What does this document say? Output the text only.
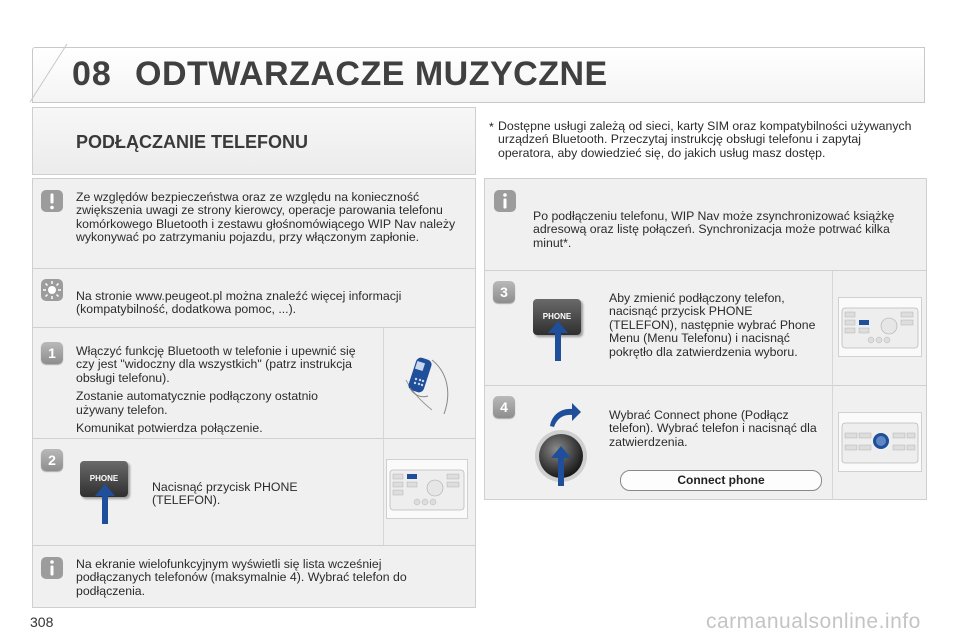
08 ODTWARZACZE MUZYCZNE
PODŁĄCZANIE TELEFONU
* Dostępne usługi zależą od sieci, karty SIM oraz kompatybilności używanych urządzeń Bluetooth. Przeczytaj instrukcję obsługi telefonu i zapytaj operatora, aby dowiedzieć się, do jakich usług masz dostęp.
Ze względów bezpieczeństwa oraz ze względu na konieczność zwiększenia uwagi ze strony kierowcy, operacje parowania telefonu komórkowego Bluetooth i zestawu głośnomówiącego WIP Nav należy wykonywać po zatrzymaniu pojazdu, przy włączonym zapłonie.
Na stronie www.peugeot.pl można znaleźć więcej informacji (kompatybilność, dodatkowa pomoc, ...).
1	Włączyć funkcję Bluetooth w telefonie i upewnić się czy jest "widoczny dla wszystkich" (patrz instrukcja obsługi telefonu).

Zostanie automatycznie podłączony ostatnio używany telefon.

Komunikat potwierdza połączenie.

2
PHONE
Nacisnąć przycisk PHONE (TELEFON).
Na ekranie wielofunkcyjnym wyświetli się lista wcześniej podłączanych telefonów (maksymalnie 4). Wybrać telefon do podłączenia.
Po podłączeniu telefonu, WIP Nav może zsynchronizować książkę adresową oraz listę połączeń. Synchronizacja może potrwać kilka minut*.
3
PHONE
Aby zmienić podłączony telefon, nacisnąć przycisk PHONE (TELEFON), następnie wybrać Phone Menu (Menu Telefonu) i nacisnąć pokrętło dla zatwierdzenia wyboru.
4	Wybrać Connect phone (Podłącz telefon). Wybrać telefon i nacisnąć dla zatwierdzenia.
Connect phone
308	carmanualsonline.info
